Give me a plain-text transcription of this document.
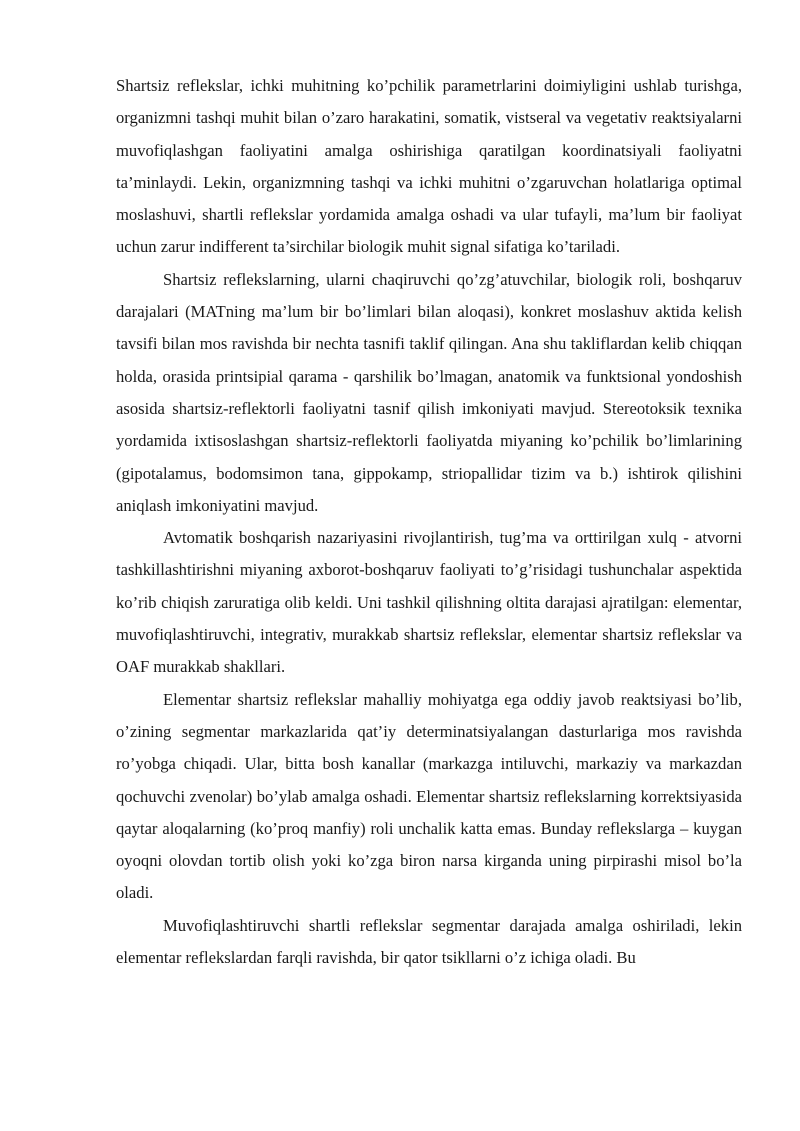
Shartsiz reflekslar, ichki muhitning ko’pchilik parametrlarini doimiyligini ushlab turishga, organizmni tashqi muhit bilan o’zaro harakatini, somatik, vistseral va vegetativ reaktsiyalarni muvofiqlashgan faoliyatini amalga oshirishiga qaratilgan koordinatsiyali faoliyatni ta’minlaydi. Lekin, organizmning tashqi va ichki muhitni o’zgaruvchan holatlariga optimal moslashuvi, shartli reflekslar yordamida amalga oshadi va ular tufayli, ma’lum bir faoliyat uchun zarur indifferent ta’sirchilar biologik muhit signal sifatiga ko’tariladi.

Shartsiz reflekslarning, ularni chaqiruvchi qo’zg’atuvchilar, biologik roli, boshqaruv darajalari (MATning ma’lum bir bo’limlari bilan aloqasi), konkret moslashuv aktida kelish tavsifi bilan mos ravishda bir nechta tasnifi taklif qilingan. Ana shu takliflardan kelib chiqqan holda, orasida printsipial qarama - qarshilik bo’lmagan, anatomik va funktsional yondoshish asosida shartsiz-reflektorli faoliyatni tasnif qilish imkoniyati mavjud. Stereotoksik texnika yordamida ixtisoslashgan shartsiz-reflektorli faoliyatda miyaning ko’pchilik bo’limlarining (gipotalamus, bodomsimon tana, gippokamp, striopallidar tizim va b.) ishtirok qilishini aniqlash imkoniyatini mavjud.

Avtomatik boshqarish nazariyasini rivojlantirish, tug’ma va orttirilgan xulq - atvorni tashkillashtirishni miyaning axborot-boshqaruv faoliyati to’g’risidagi tushunchalar aspektida ko’rib chiqish zaruratiga olib keldi. Uni tashkil qilishning oltita darajasi ajratilgan: elementar, muvofiqlashtiruvchi, integrativ, murakkab shartsiz reflekslar, elementar shartsiz reflekslar va OAF murakkab shakllari.

Elementar shartsiz reflekslar mahalliy mohiyatga ega oddiy javob reaktsiyasi bo’lib, o’zining segmentar markazlarida qat’iy determinatsiyalangan dasturlariga mos ravishda ro’yobga chiqadi. Ular, bitta bosh kanallar (markazga intiluvchi, markaziy va markazdan qochuvchi zvenolar) bo’ylab amalga oshadi. Elementar shartsiz reflekslarning korrektsiyasida qaytar aloqalarning (ko’proq manfiy) roli unchalik katta emas. Bunday reflekslarga – kuygan oyoqni olovdan tortib olish yoki ko’zga biron narsa kirganda uning pirpirashi misol bo’la oladi.

Muvofiqlashtiruvchi shartli reflekslar segmentar darajada amalga oshiriladi, lekin elementar reflekslardan farqli ravishda, bir qator tsikllarni o’z ichiga oladi. Bu
